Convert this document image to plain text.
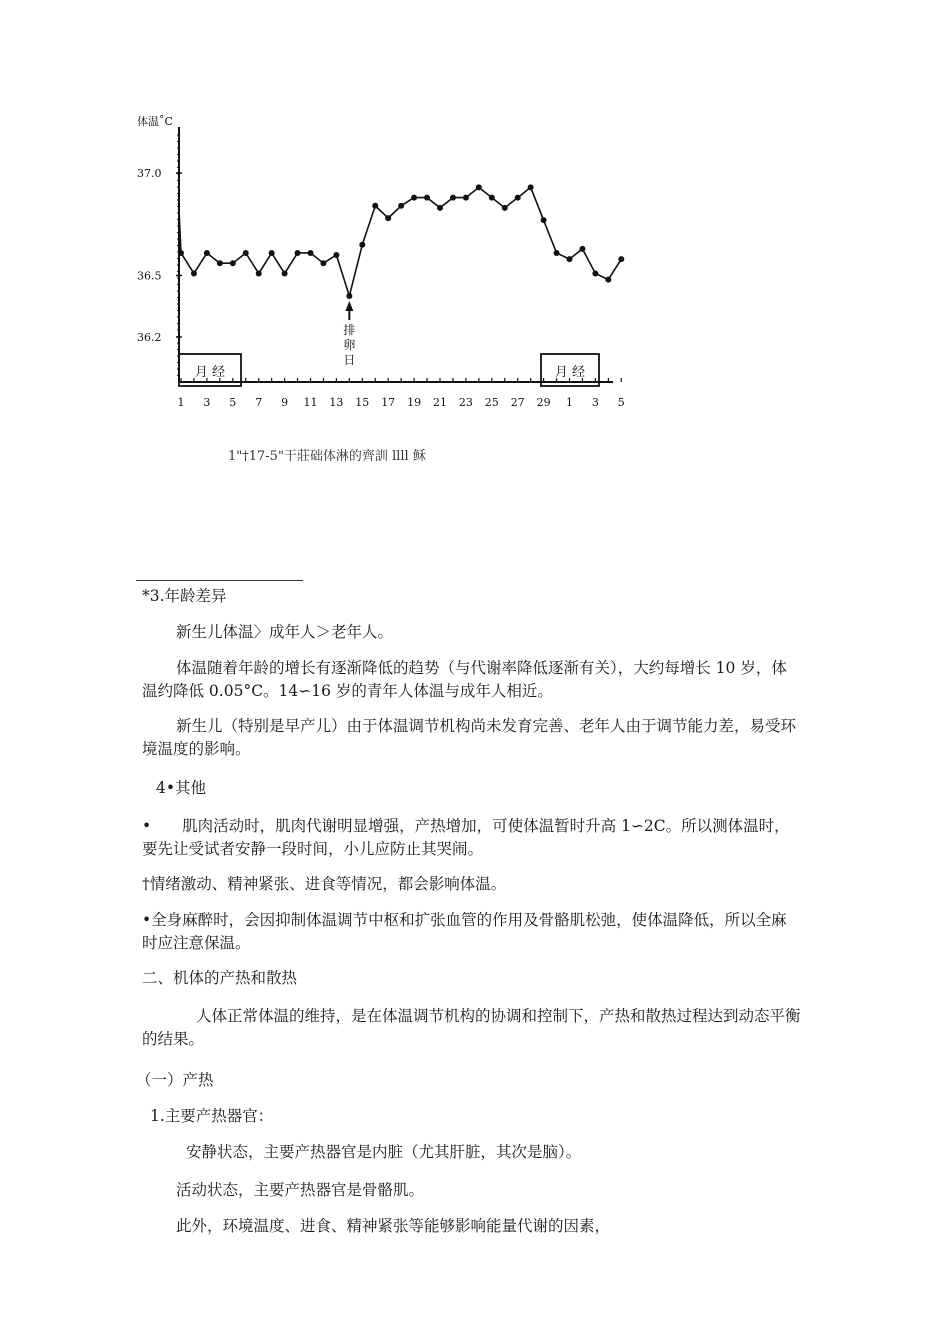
体温˚C
37.0
36.5
36.2
1 3 5 7 9 11 13 15 17 19 21 23 25 27 29 1 3 5
月 经	月 经
排
卵
日
1"†17-5"干莊础体淋的齊訓 llll 稣

*3.年龄差异

新生儿体温〉成年人＞老年人。

体温随着年龄的增长有逐渐降低的趋势（与代谢率降低逐渐有关），大约每增长 10 岁，体温约降低 0.05°C。14∽16 岁的青年人体温与成年人相近。

新生儿（特别是早产儿）由于体温调节机构尚未发育完善、老年人由于调节能力差，易受环境温度的影响。

4•其他

•　　肌肉活动时，肌肉代谢明显增强，产热增加，可使体温暂时升高 1∽2C。所以测体温时，要先让受试者安静一段时间，小儿应防止其哭闹。

†情绪激动、精神紧张、进食等情况，都会影响体温。

•全身麻醉时，会因抑制体温调节中枢和扩张血管的作用及骨骼肌松弛，使体温降低，所以全麻时应注意保温。

二、机体的产热和散热

人体正常体温的维持，是在体温调节机构的协调和控制下，产热和散热过程达到动态平衡的结果。

（一）产热

1.主要产热器官：

安静状态，主要产热器官是内脏（尤其肝脏，其次是脑）。

活动状态，主要产热器官是骨骼肌。

此外，环境温度、进食、精神紧张等能够影响能量代谢的因素，
